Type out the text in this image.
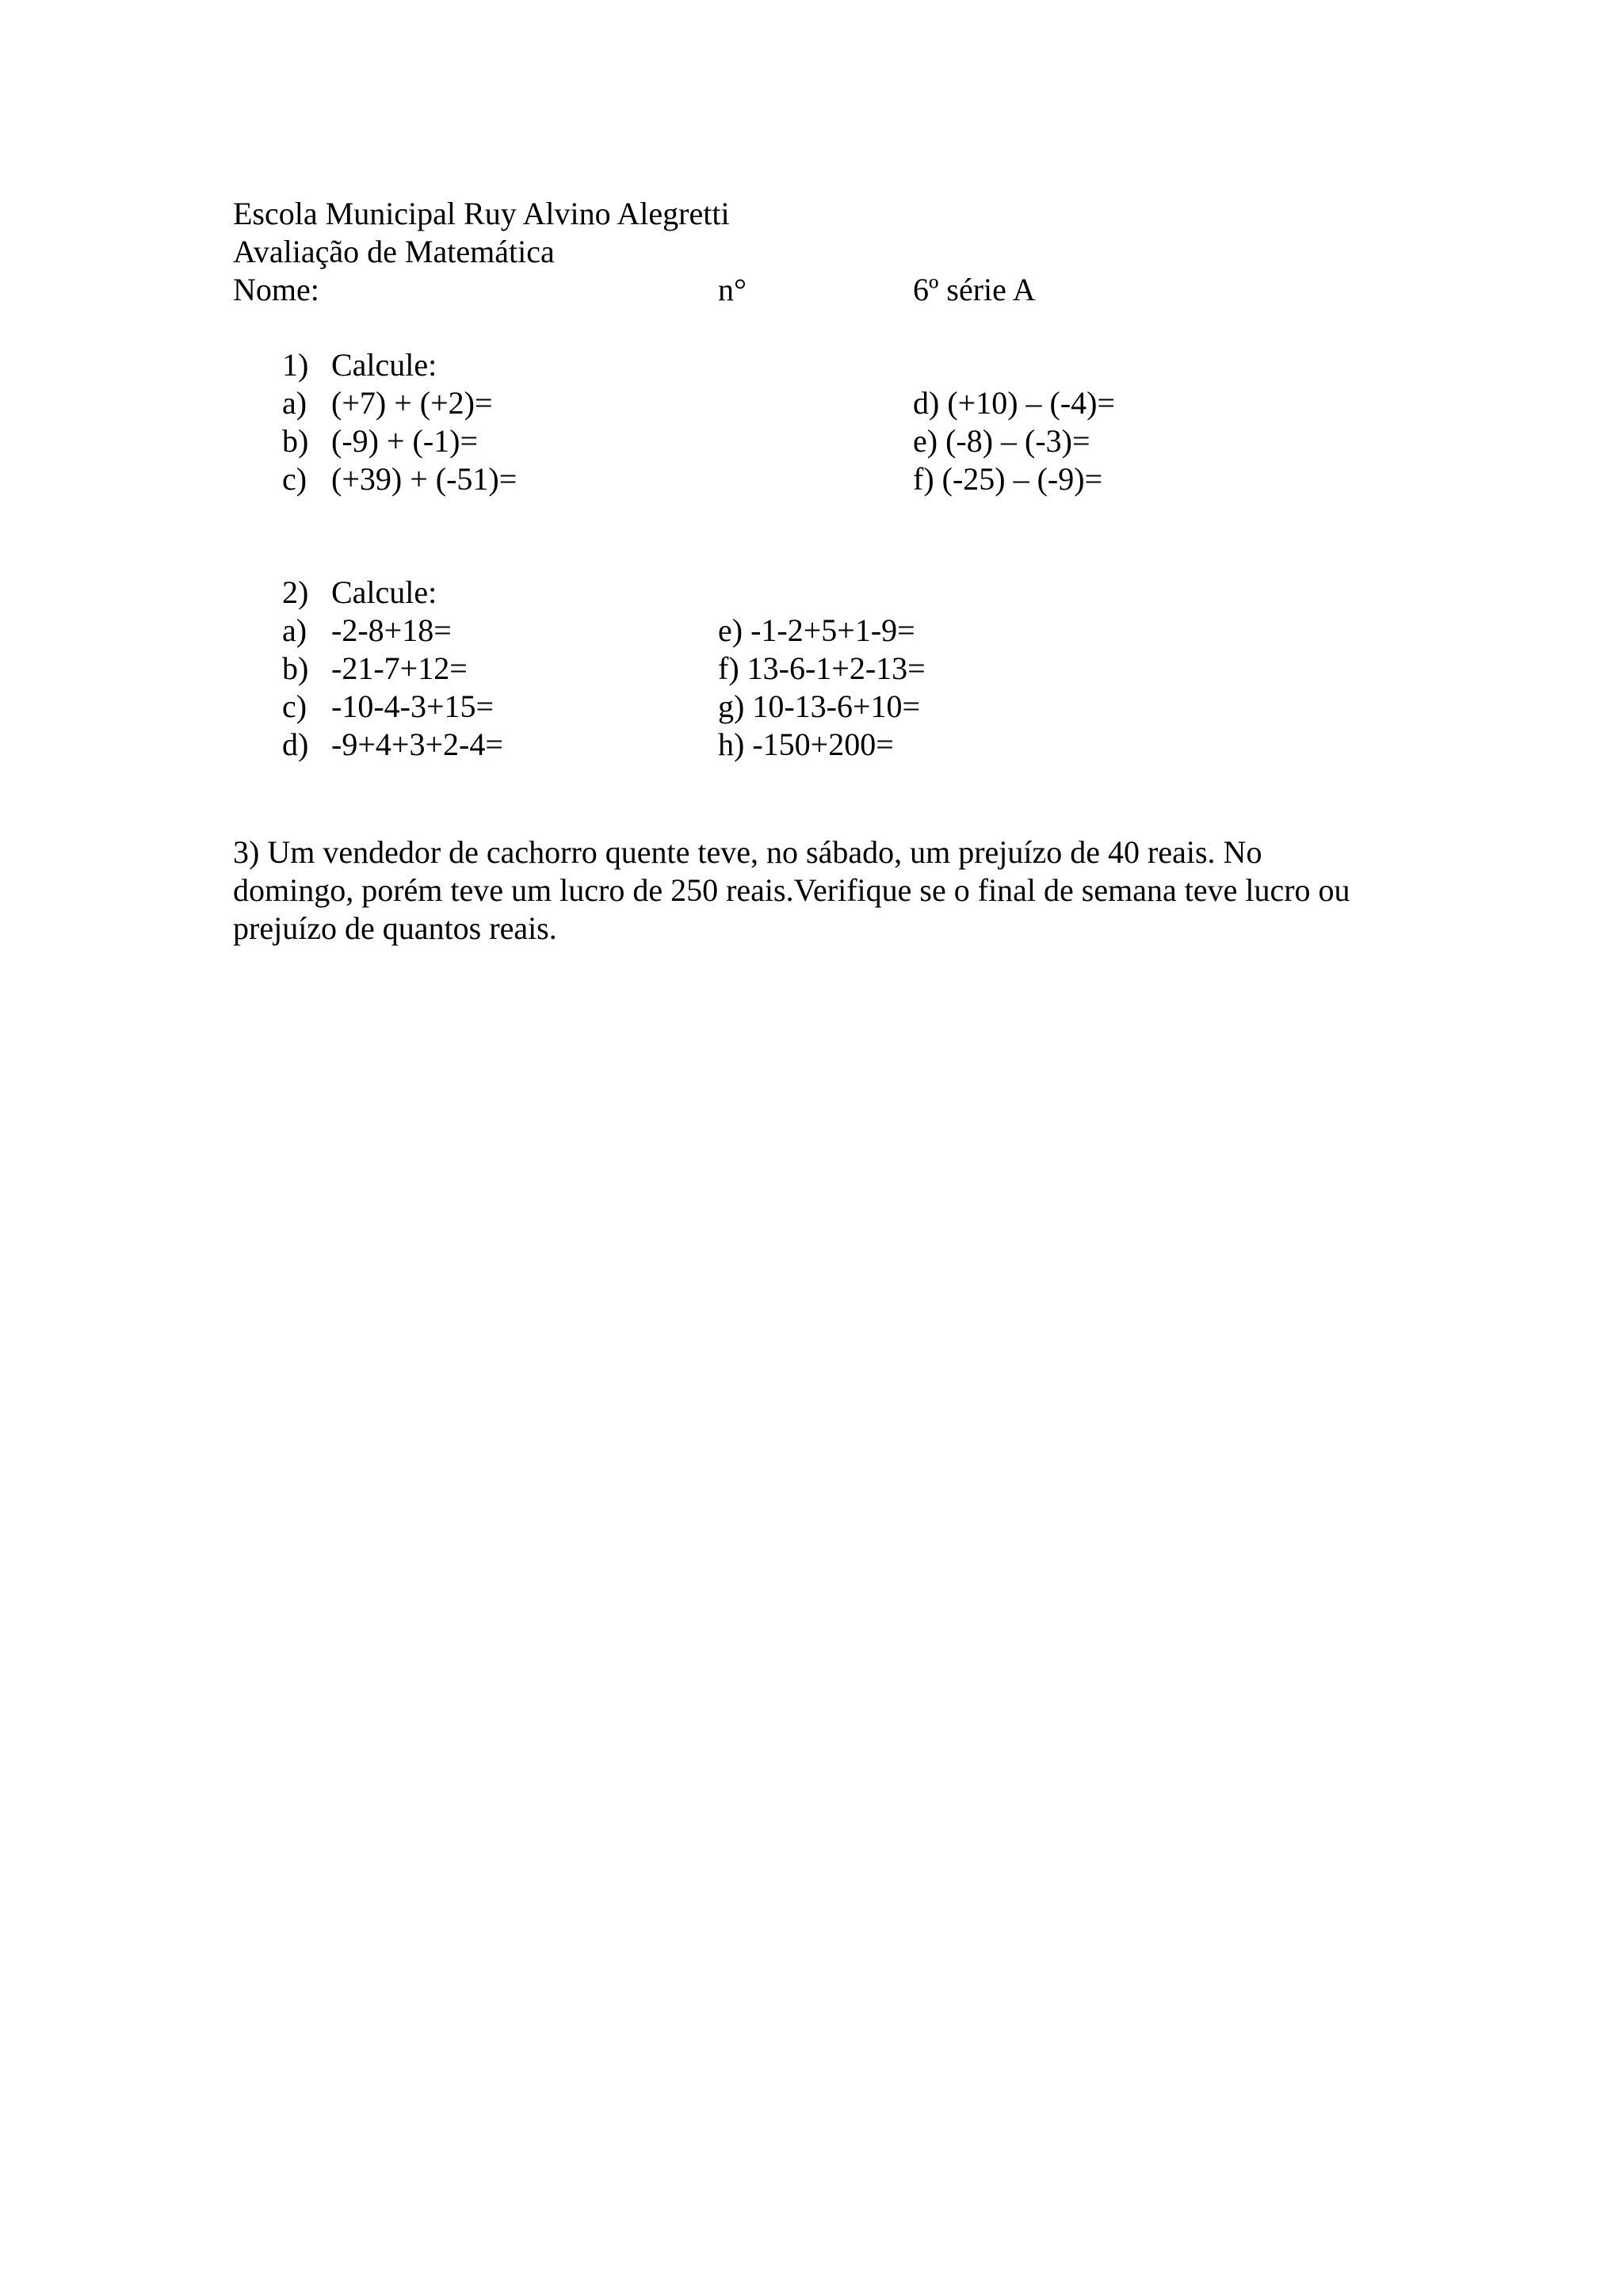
Escola Municipal Ruy Alvino Alegretti
Avaliação de Matemática
Nome:	n°	6º série A
1) Calcule:
a) (+7) + (+2)=
b) (-9) + (-1)=
c) (+39) + (-51)=
d) (+10) – (-4)=
e) (-8) – (-3)=
f) (-25) – (-9)=
2) Calcule:
a) -2-8+18=
b) -21-7+12=
c) -10-4-3+15=
d) -9+4+3+2-4=
e) -1-2+5+1-9=
f) 13-6-1+2-13=
g) 10-13-6+10=
h) -150+200=
3) Um vendedor de cachorro quente teve, no sábado, um prejuízo de 40 reais. No
domingo, porém teve um lucro de 250 reais.Verifique se o final de semana teve lucro ou
prejuízo de quantos reais.
